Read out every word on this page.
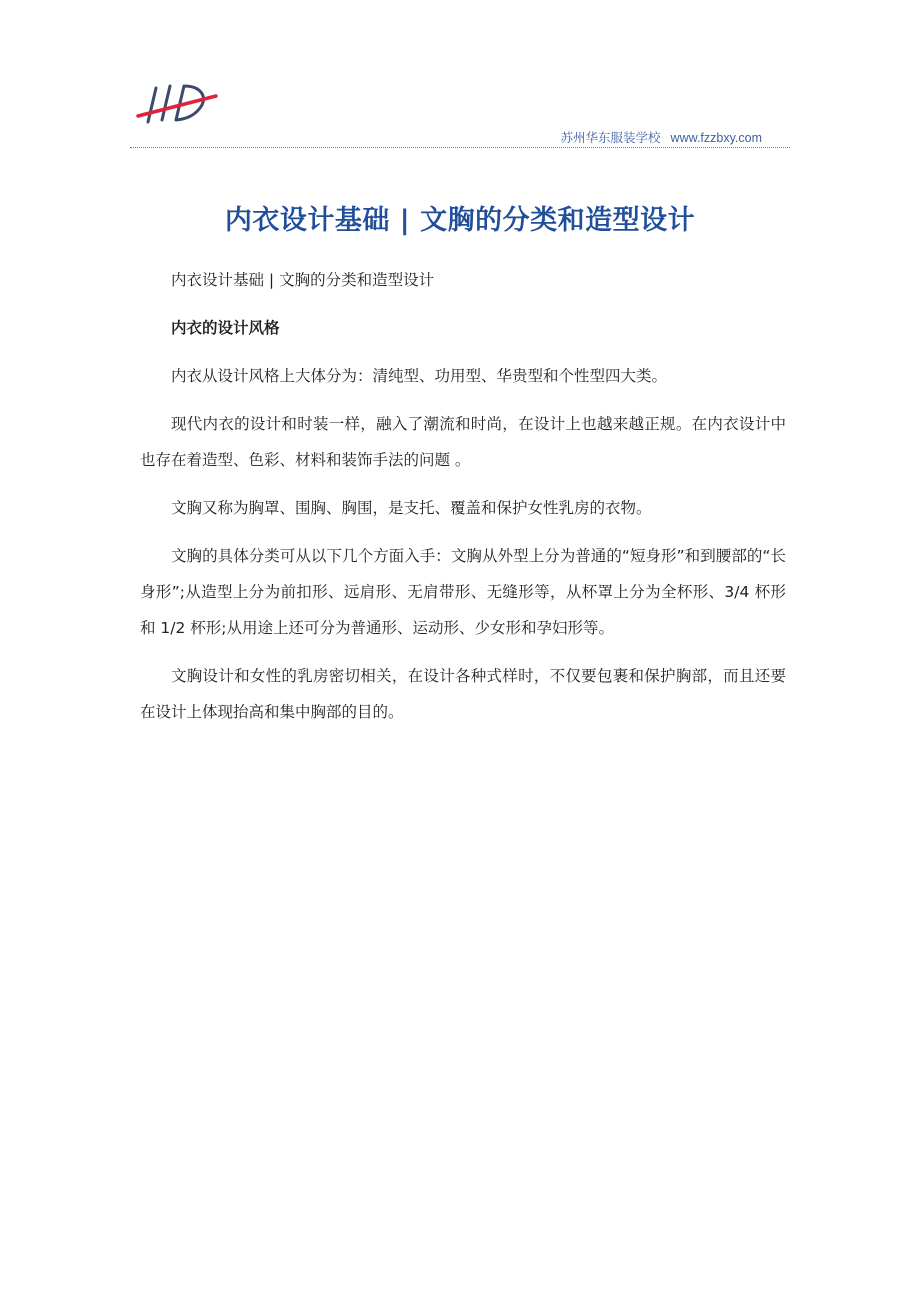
苏州华东服装学校 www.fzzbxy.com
内衣设计基础 | 文胸的分类和造型设计

内衣设计基础 | 文胸的分类和造型设计

内衣的设计风格

内衣从设计风格上大体分为：清纯型、功用型、华贵型和个性型四大类。

现代内衣的设计和时装一样，融入了潮流和时尚，在设计上也越来越正规。在内衣设计中也存在着造型、色彩、材料和装饰手法的问题 。

文胸又称为胸罩、围胸、胸围，是支托、覆盖和保护女性乳房的衣物。

文胸的具体分类可从以下几个方面入手：文胸从外型上分为普通的“短身形”和到腰部的“长身形”;从造型上分为前扣形、远肩形、无肩带形、无缝形等，从杯罩上分为全杯形、3/4 杯形和 1/2 杯形;从用途上还可分为普通形、运动形、少女形和孕妇形等。

文胸设计和女性的乳房密切相关，在设计各种式样时，不仅要包裹和保护胸部，而且还要在设计上体现抬高和集中胸部的目的。
